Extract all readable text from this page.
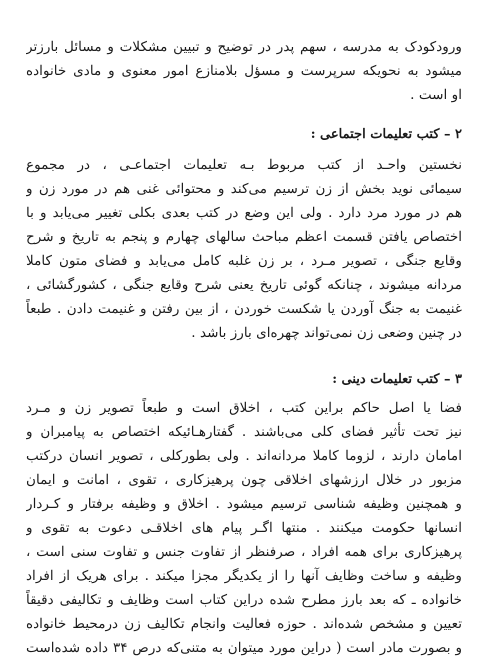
ورودکودک به مدرسه ، سهم پدر در توضیح و تبیین مشکلات و مسائل بارزتر
میشود به نحویکه سرپرست و مسؤل بلامنازع امور معنوی و مادی خانواده
او است .
۲ – کتب تعلیمات اجتماعی :
نخستین واحـد از کتب مربوط بـه تعلیمات اجتماعـی ، در مجموع
سیمائی نوید بخش از زن ترسیم می‌کند و محتوائی غنی هم در مورد زن و
هم در مورد مرد دارد . ولی این وضع در کتب بعدی بکلی تغییر می‌یابد و با
اختصاص یافتن قسمت اعظم مباحث سالهای چهارم و پنجم به تاریخ و شرح
وقایع جنگی ، تصویر مـرد ، بر زن غلبه کامل می‌یابد و فضای متون کاملا
مردانه میشوند ، چنانکه گوئی تاریخ یعنی شرح وقایع جنگی ، کشورگشائی ،
غنیمت به جنگ آوردن یا شکست خوردن ، از بین رفتن و غنیمت دادن . طبعاً
در چنین وضعی زن نمی‌تواند چهره‌ای بارز باشد .
۳ – کتب تعلیمات دینی :
فضا یا اصل حاکم براین کتب ، اخلاق است و طبعاً تصویر زن و مـرد
نیز تحت تأثیر فضای کلی می‌باشند . گفتارهـائیکه اختصاص به پیامبران و
امامان دارند ، لزوما کاملا مردانه‌اند . ولی بطورکلی ، تصویر انسان درکتب
مزبور در خلال ارزشهای اخلاقی چون پرهیزکاری ، تقوی ، امانت و ایمان
و همچنین وظیفه شناسی ترسیم میشود . اخلاق و وظیفه برفتار و کـردار
انسانها حکومت میکنند . منتها اگـر پیام های اخلاقـی دعوت به تقوی و
پرهیزکاری برای همه افراد ، صرفنظر از تفاوت جنس و تفاوت سنی است ،
وظیفه و ساخت وظایف آنها را از یکدیگر مجزا میکند . برای هریک از افراد
خانواده ـ که بعد بارز مطرح شده دراین کتاب است وظایف و تکالیفی دقیقاً
تعیین و مشخص شده‌اند . حوزه فعالیت وانجام تکالیف زن درمحیط خانواده
و بصورت مادر است ( دراین مورد میتوان به متنی‌که درص ۳۴ داده شده‌است
